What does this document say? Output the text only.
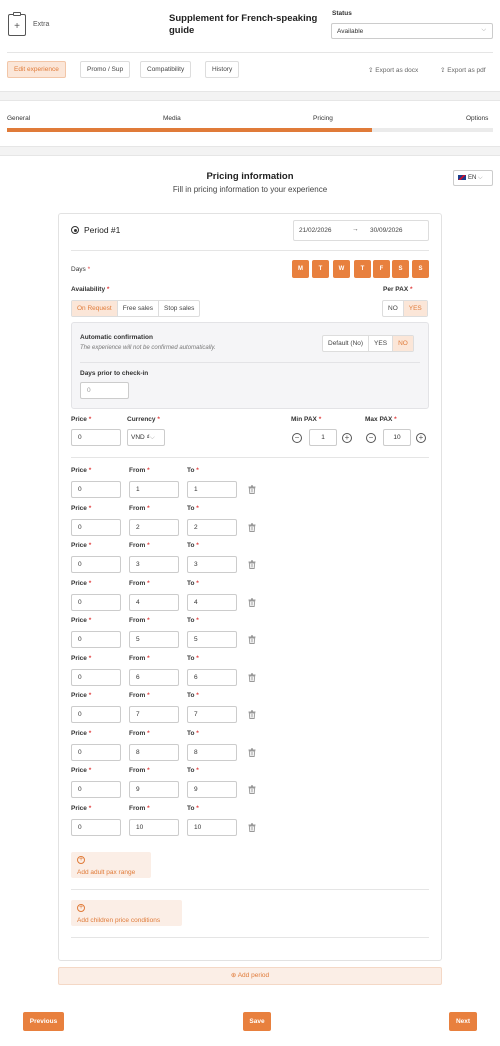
+	Extra
Supplement for French-speaking guide
Status
Available	⌵
Edit experience	Promo / Sup	Compatibility	History	⇪ Export as docx	⇪ Export as pdf
General	Media	Pricing	Options
Pricing information
Fill in pricing information to your experience
EN ⌵
Period #1	21/02/2026	→ 30/09/2026
Days *	M	T	W	T	F	S	S
Availability *
On Request	Free sales	Stop sales
Per PAX *
NO	YES
Automatic confirmation
The experience will not be confirmed automatically.
Default (No)	YES	NO
Days prior to check-in
0
Price *
0
Currency *
VND ₫⌵
Min PAX *
−	1	+
Max PAX *
−	10	+
Price *
0
From *
1
To *
1
Price *
0
From *
2
To *
2
Price *
0
From *
3
To *
3
Price *
0
From *
4
To *
4
Price *
0
From *
5
To *
5
Price *
0
From *
6
To *
6
Price *
0
From *
7
To *
7
Price *
0
From *
8
To *
8
Price *
0
From *
9
To *
9
Price *
0
From *
10
To *
10
+
Add adult pax range
+
Add children price conditions
⊕ Add period
Previous	Save	Next
